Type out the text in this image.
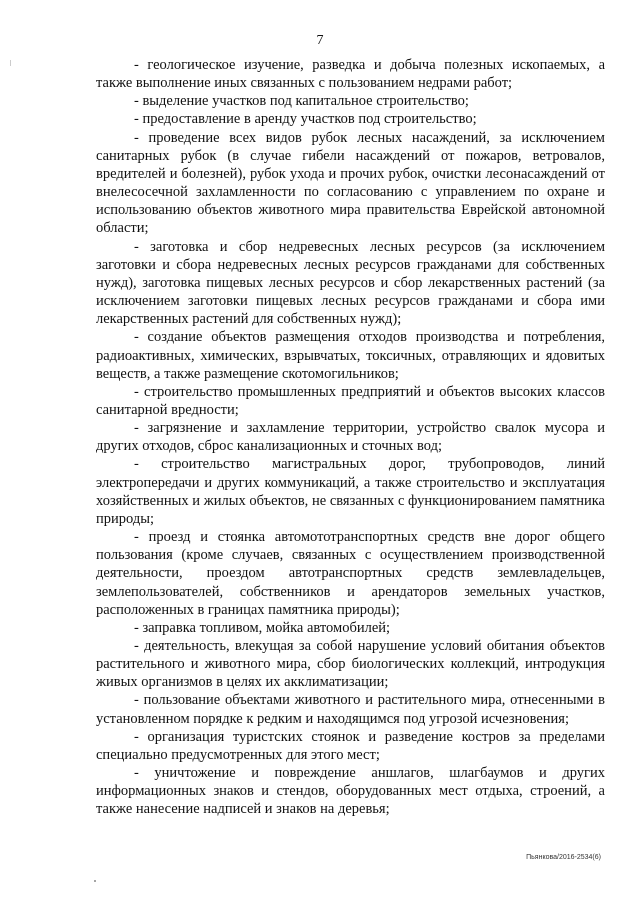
7

- геологическое изучение, разведка и добыча полезных ископаемых, а также выполнение иных связанных с пользованием недрами работ;

- выделение участков под капитальное строительство;

- предоставление в аренду участков под строительство;

- проведение всех видов рубок лесных насаждений, за исключением санитарных рубок (в случае гибели насаждений от пожаров, ветровалов, вредителей и болезней), рубок ухода и прочих рубок, очистки лесонасаждений от внелесосечной захламленности по согласованию с управлением по охране и использованию объектов животного мира правительства Еврейской автономной области;

- заготовка и сбор недревесных лесных ресурсов (за исключением заготовки и сбора недревесных лесных ресурсов гражданами для собственных нужд), заготовка пищевых лесных ресурсов и сбор лекарственных растений (за исключением заготовки пищевых лесных ресурсов гражданами и сбора ими лекарственных растений для собственных нужд);

- создание объектов размещения отходов производства и потребления, радиоактивных, химических, взрывчатых, токсичных, отравляющих и ядовитых веществ, а также размещение скотомогильников;

- строительство промышленных предприятий и объектов высоких классов санитарной вредности;

- загрязнение и захламление территории, устройство свалок мусора и других отходов, сброс канализационных и сточных вод;

- строительство магистральных дорог, трубопроводов, линий электропередачи и других коммуникаций, а также строительство и эксплуатация хозяйственных и жилых объектов, не связанных с функционированием памятника природы;

- проезд и стоянка автомототранспортных средств вне дорог общего пользования (кроме случаев, связанных с осуществлением производственной деятельности, проездом автотранспортных средств землевладельцев, землепользователей, собственников и арендаторов земельных участков, расположенных в границах памятника природы);

- заправка топливом, мойка автомобилей;

- деятельность, влекущая за собой нарушение условий обитания объектов растительного и животного мира, сбор биологических коллекций, интродукция живых организмов в целях их акклиматизации;

- пользование объектами животного и растительного мира, отнесенными в установленном порядке к редким и находящимся под угрозой исчезновения;

- организация туристских стоянок и разведение костров за пределами специально предусмотренных для этого мест;

- уничтожение и повреждение аншлагов, шлагбаумов и других информационных знаков и стендов, оборудованных мест отдыха, строений, а также нанесение надписей и знаков на деревья;

Пьянкова/2016-2534(6)
